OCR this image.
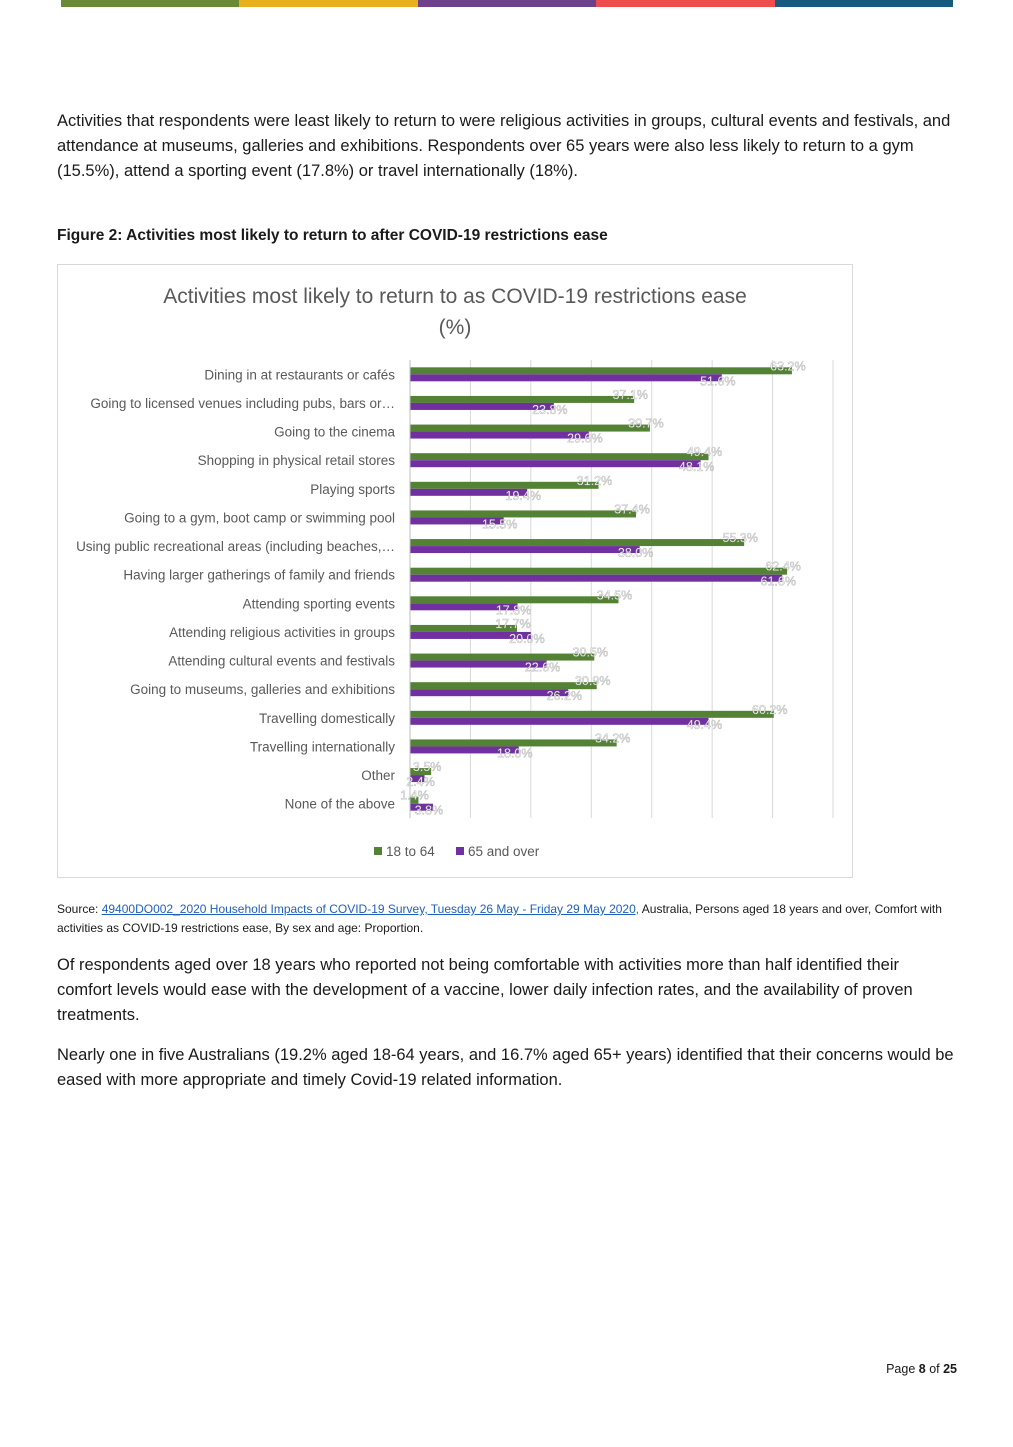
Activities that respondents were least likely to return to were religious activities in groups, cultural events and festivals, and attendance at museums, galleries and exhibitions. Respondents over 65 years were also less likely to return to a gym (15.5%), attend a sporting event (17.8%) or travel internationally (18%).

Figure 2: Activities most likely to return to after COVID-19 restrictions ease

Activities most likely to return to as COVID-19 restrictions ease
(%)
Dining in at restaurants or cafés
63.2%
51.6%
Going to licensed venues including pubs, bars or…
37.1%
23.8%
Going to the cinema
39.7%
29.6%
Shopping in physical retail stores
49.4%
48.1%
Playing sports
31.2%
19.4%
Going to a gym, boot camp or swimming pool
37.4%
15.5%
Using public recreational areas (including beaches,…
55.3%
38.0%
Having larger gatherings of family and friends
62.4%
61.6%
Attending sporting events
34.5%
17.8%
Attending religious activities in groups
17.7%
20.0%
Attending cultural events and festivals
30.5%
22.6%
Going to museums, galleries and exhibitions
30.9%
26.2%
Travelling domestically
60.2%
49.4%
Travelling internationally
34.2%
18.0%
Other
3.5%
2.4%
None of the above
1.4%
3.8%
18 to 64 65 and over

Source: 49400DO002_2020 Household Impacts of COVID-19 Survey, Tuesday 26 May - Friday 29 May 2020, Australia, Persons aged 18 years and over, Comfort with activities as COVID-19 restrictions ease, By sex and age: Proportion.

Of respondents aged over 18 years who reported not being comfortable with activities more than half identified their comfort levels would ease with the development of a vaccine, lower daily infection rates, and the availability of proven treatments.

Nearly one in five Australians (19.2% aged 18-64 years, and 16.7% aged 65+ years) identified that their concerns would be eased with more appropriate and timely Covid-19 related information.

Page 8 of 25
